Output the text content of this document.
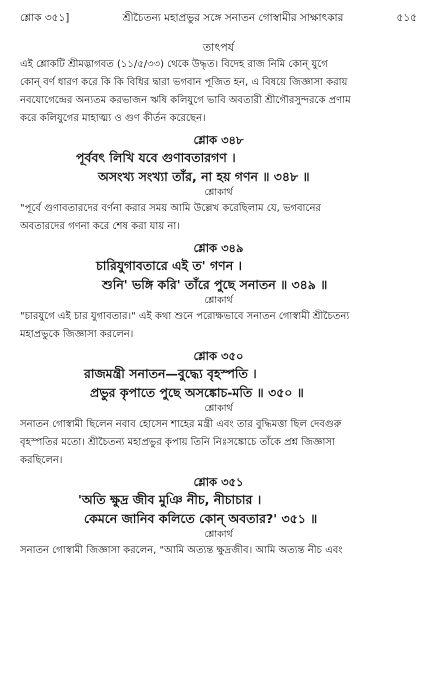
শ্লোক ৩৫১]	শ্রীচৈতন্য মহাপ্রভুর সঙ্গে সনাতন গোস্বামীর সাক্ষাৎকার	৫১৫
তাৎপর্য

এই শ্লোকটি শ্রীমদ্ভাগবত (১১/৫/৩৩) থেকে উদ্ধৃত। বিদেহ রাজ নিমি কোন্ যুগে

কোন্ বর্ণ ধারণ করে কি কি বিধির দ্বারা ভগবান পূজিত হন, এ বিষয়ে জিজ্ঞাসা করায়

নবযোগেন্দ্রের অন্যতম করভাজন ঋষি কলিযুগে ভাবি অবতারী শ্রীগৌরসুন্দরকে প্রণাম

করে কলিযুগের মাহাত্ম্য ও গুণ কীর্তন করেছেন।

শ্লোক ৩৪৮

পূর্ববৎ লিখি যবে গুণাবতারগণ ।

অসংখ্য সংখ্যা তাঁর, না হয় গণন ॥ ৩৪৮ ॥

শ্লোকার্থ

"পূর্বে গুণাবতারদের বর্ণনা করার সময় আমি উল্লেখ করেছিলাম যে, ভগবানের

অবতারদের গণনা করে শেষ করা যায় না।

শ্লোক ৩৪৯

চারিযুগাবতারে এই ত' গণন ।

শুনি' ভঙ্গি করি' তাঁরে পুছে সনাতন ॥ ৩৪৯ ॥

শ্লোকার্থ

"চারযুগে এই চার যুগাবতার।" এই কথা শুনে পরোক্ষভাবে সনাতন গোস্বামী শ্রীচৈতন্য

মহাপ্রভুকে জিজ্ঞাসা করলেন।

শ্লোক ৩৫০

রাজমন্ত্রী সনাতন—বুদ্ধ্যে বৃহস্পতি ।

প্রভুর কৃপাতে পুছে অসঙ্কোচ-মতি ॥ ৩৫০ ॥

শ্লোকার্থ

সনাতন গোস্বামী ছিলেন নবাব হোসেন শাহের মন্ত্রী এবং তার বুদ্ধিমত্তা ছিল দেবগুরু

বৃহস্পতির মতো। শ্রীচৈতন্য মহাপ্রভুর কৃপায় তিনি নিঃসঙ্কোচে তাঁকে প্রশ্ন জিজ্ঞাসা

করছিলেন।

শ্লোক ৩৫১

'অতি ক্ষুদ্র জীব মুঞি নীচ, নীচাচার ।

কেমনে জানিব কলিতে কোন্ অবতার?' ৩৫১ ॥

শ্লোকার্থ

সনাতন গোস্বামী জিজ্ঞাসা করলেন, "আমি অত্যন্ত ক্ষুদ্রজীব। আমি অত্যন্ত নীচ এবং
